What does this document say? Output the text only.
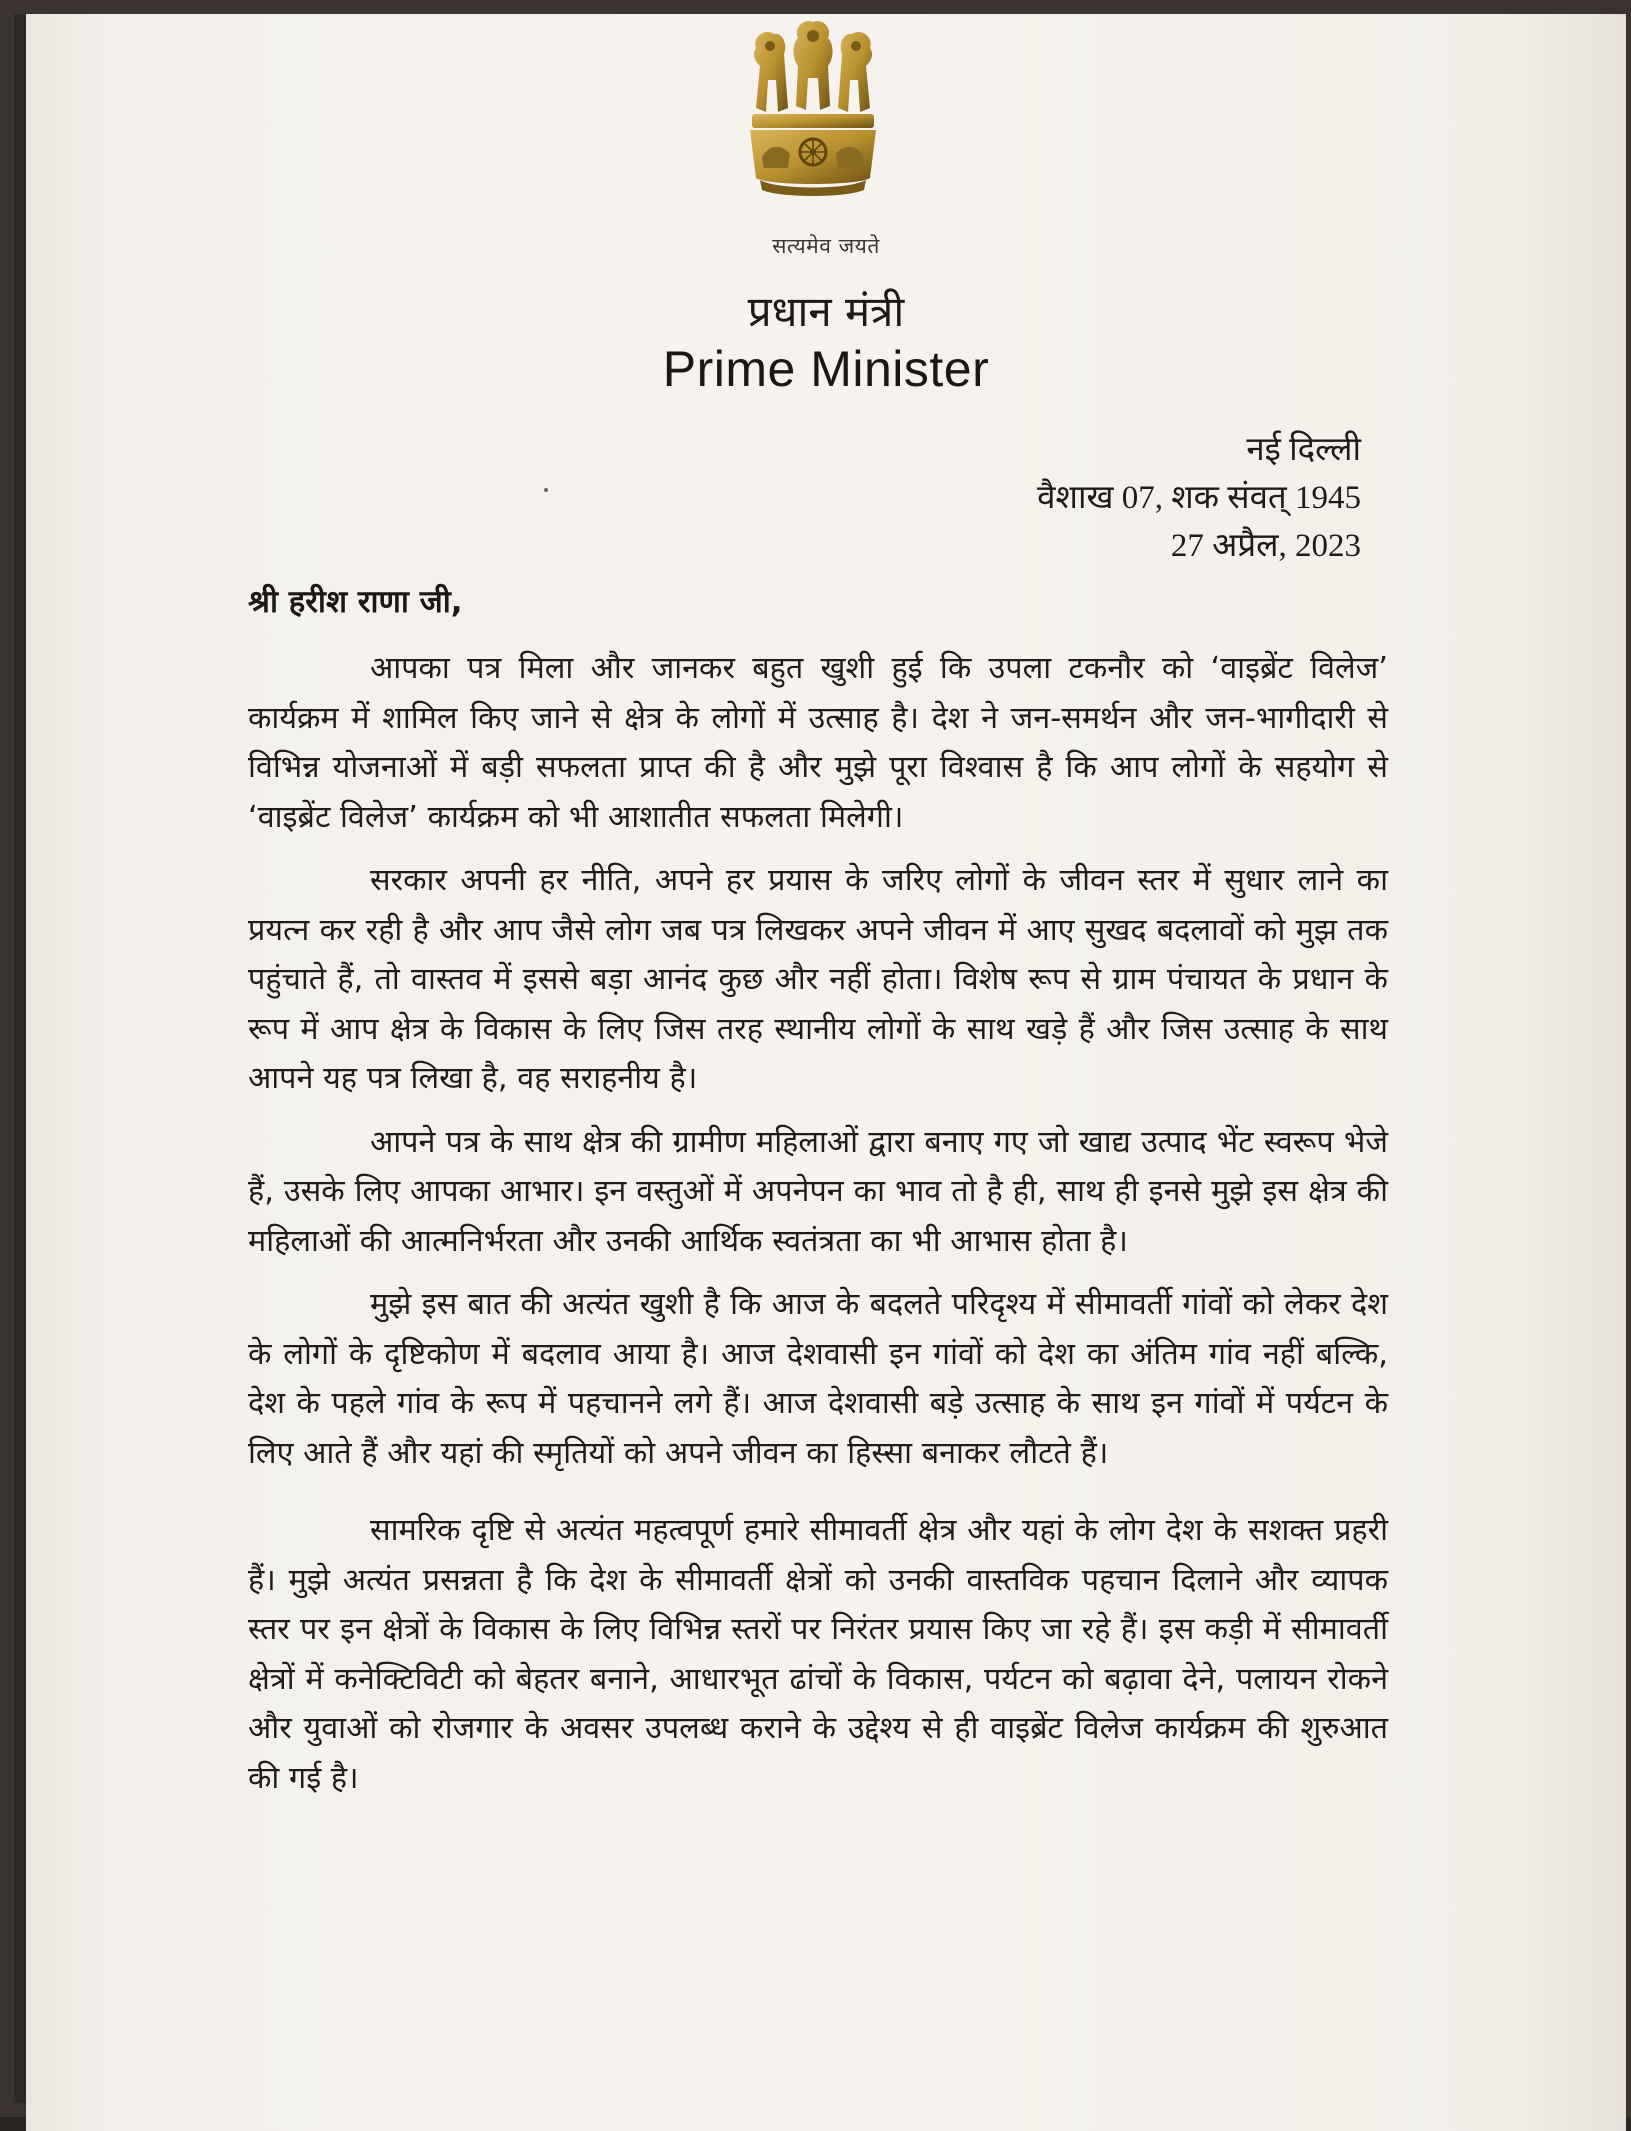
सत्यमेव जयते
प्रधान मंत्री
Prime Minister
नई दिल्ली
वैशाख 07, शक संवत् 1945
27 अप्रैल, 2023
श्री हरीश राणा जी,

आपका पत्र मिला और जानकर बहुत खुशी हुई कि उपला टकनौर को ‘वाइब्रेंट विलेज’ कार्यक्रम में शामिल किए जाने से क्षेत्र के लोगों में उत्साह है। देश ने जन-समर्थन और जन-भागीदारी से विभिन्न योजनाओं में बड़ी सफलता प्राप्त की है और मुझे पूरा विश्वास है कि आप लोगों के सहयोग से ‘वाइब्रेंट विलेज’ कार्यक्रम को भी आशातीत सफलता मिलेगी।

सरकार अपनी हर नीति, अपने हर प्रयास के जरिए लोगों के जीवन स्तर में सुधार लाने का प्रयत्न कर रही है और आप जैसे लोग जब पत्र लिखकर अपने जीवन में आए सुखद बदलावों को मुझ तक पहुंचाते हैं, तो वास्तव में इससे बड़ा आनंद कुछ और नहीं होता। विशेष रूप से ग्राम पंचायत के प्रधान के रूप में आप क्षेत्र के विकास के लिए जिस तरह स्थानीय लोगों के साथ खड़े हैं और जिस उत्साह के साथ आपने यह पत्र लिखा है, वह सराहनीय है।

आपने पत्र के साथ क्षेत्र की ग्रामीण महिलाओं द्वारा बनाए गए जो खाद्य उत्पाद भेंट स्वरूप भेजे हैं, उसके लिए आपका आभार। इन वस्तुओं में अपनेपन का भाव तो है ही, साथ ही इनसे मुझे इस क्षेत्र की महिलाओं की आत्मनिर्भरता और उनकी आर्थिक स्वतंत्रता का भी आभास होता है।

मुझे इस बात की अत्यंत खुशी है कि आज के बदलते परिदृश्य में सीमावर्ती गांवों को लेकर देश के लोगों के दृष्टिकोण में बदलाव आया है। आज देशवासी इन गांवों को देश का अंतिम गांव नहीं बल्कि, देश के पहले गांव के रूप में पहचानने लगे हैं। आज देशवासी बड़े उत्साह के साथ इन गांवों में पर्यटन के लिए आते हैं और यहां की स्मृतियों को अपने जीवन का हिस्सा बनाकर लौटते हैं।

सामरिक दृष्टि से अत्यंत महत्वपूर्ण हमारे सीमावर्ती क्षेत्र और यहां के लोग देश के सशक्त प्रहरी हैं। मुझे अत्यंत प्रसन्नता है कि देश के सीमावर्ती क्षेत्रों को उनकी वास्तविक पहचान दिलाने और व्यापक स्तर पर इन क्षेत्रों के विकास के लिए विभिन्न स्तरों पर निरंतर प्रयास किए जा रहे हैं। इस कड़ी में सीमावर्ती क्षेत्रों में कनेक्टिविटी को बेहतर बनाने, आधारभूत ढांचों के विकास, पर्यटन को बढ़ावा देने, पलायन रोकने और युवाओं को रोजगार के अवसर उपलब्ध कराने के उद्देश्य से ही वाइब्रेंट विलेज कार्यक्रम की शुरुआत की गई है।
